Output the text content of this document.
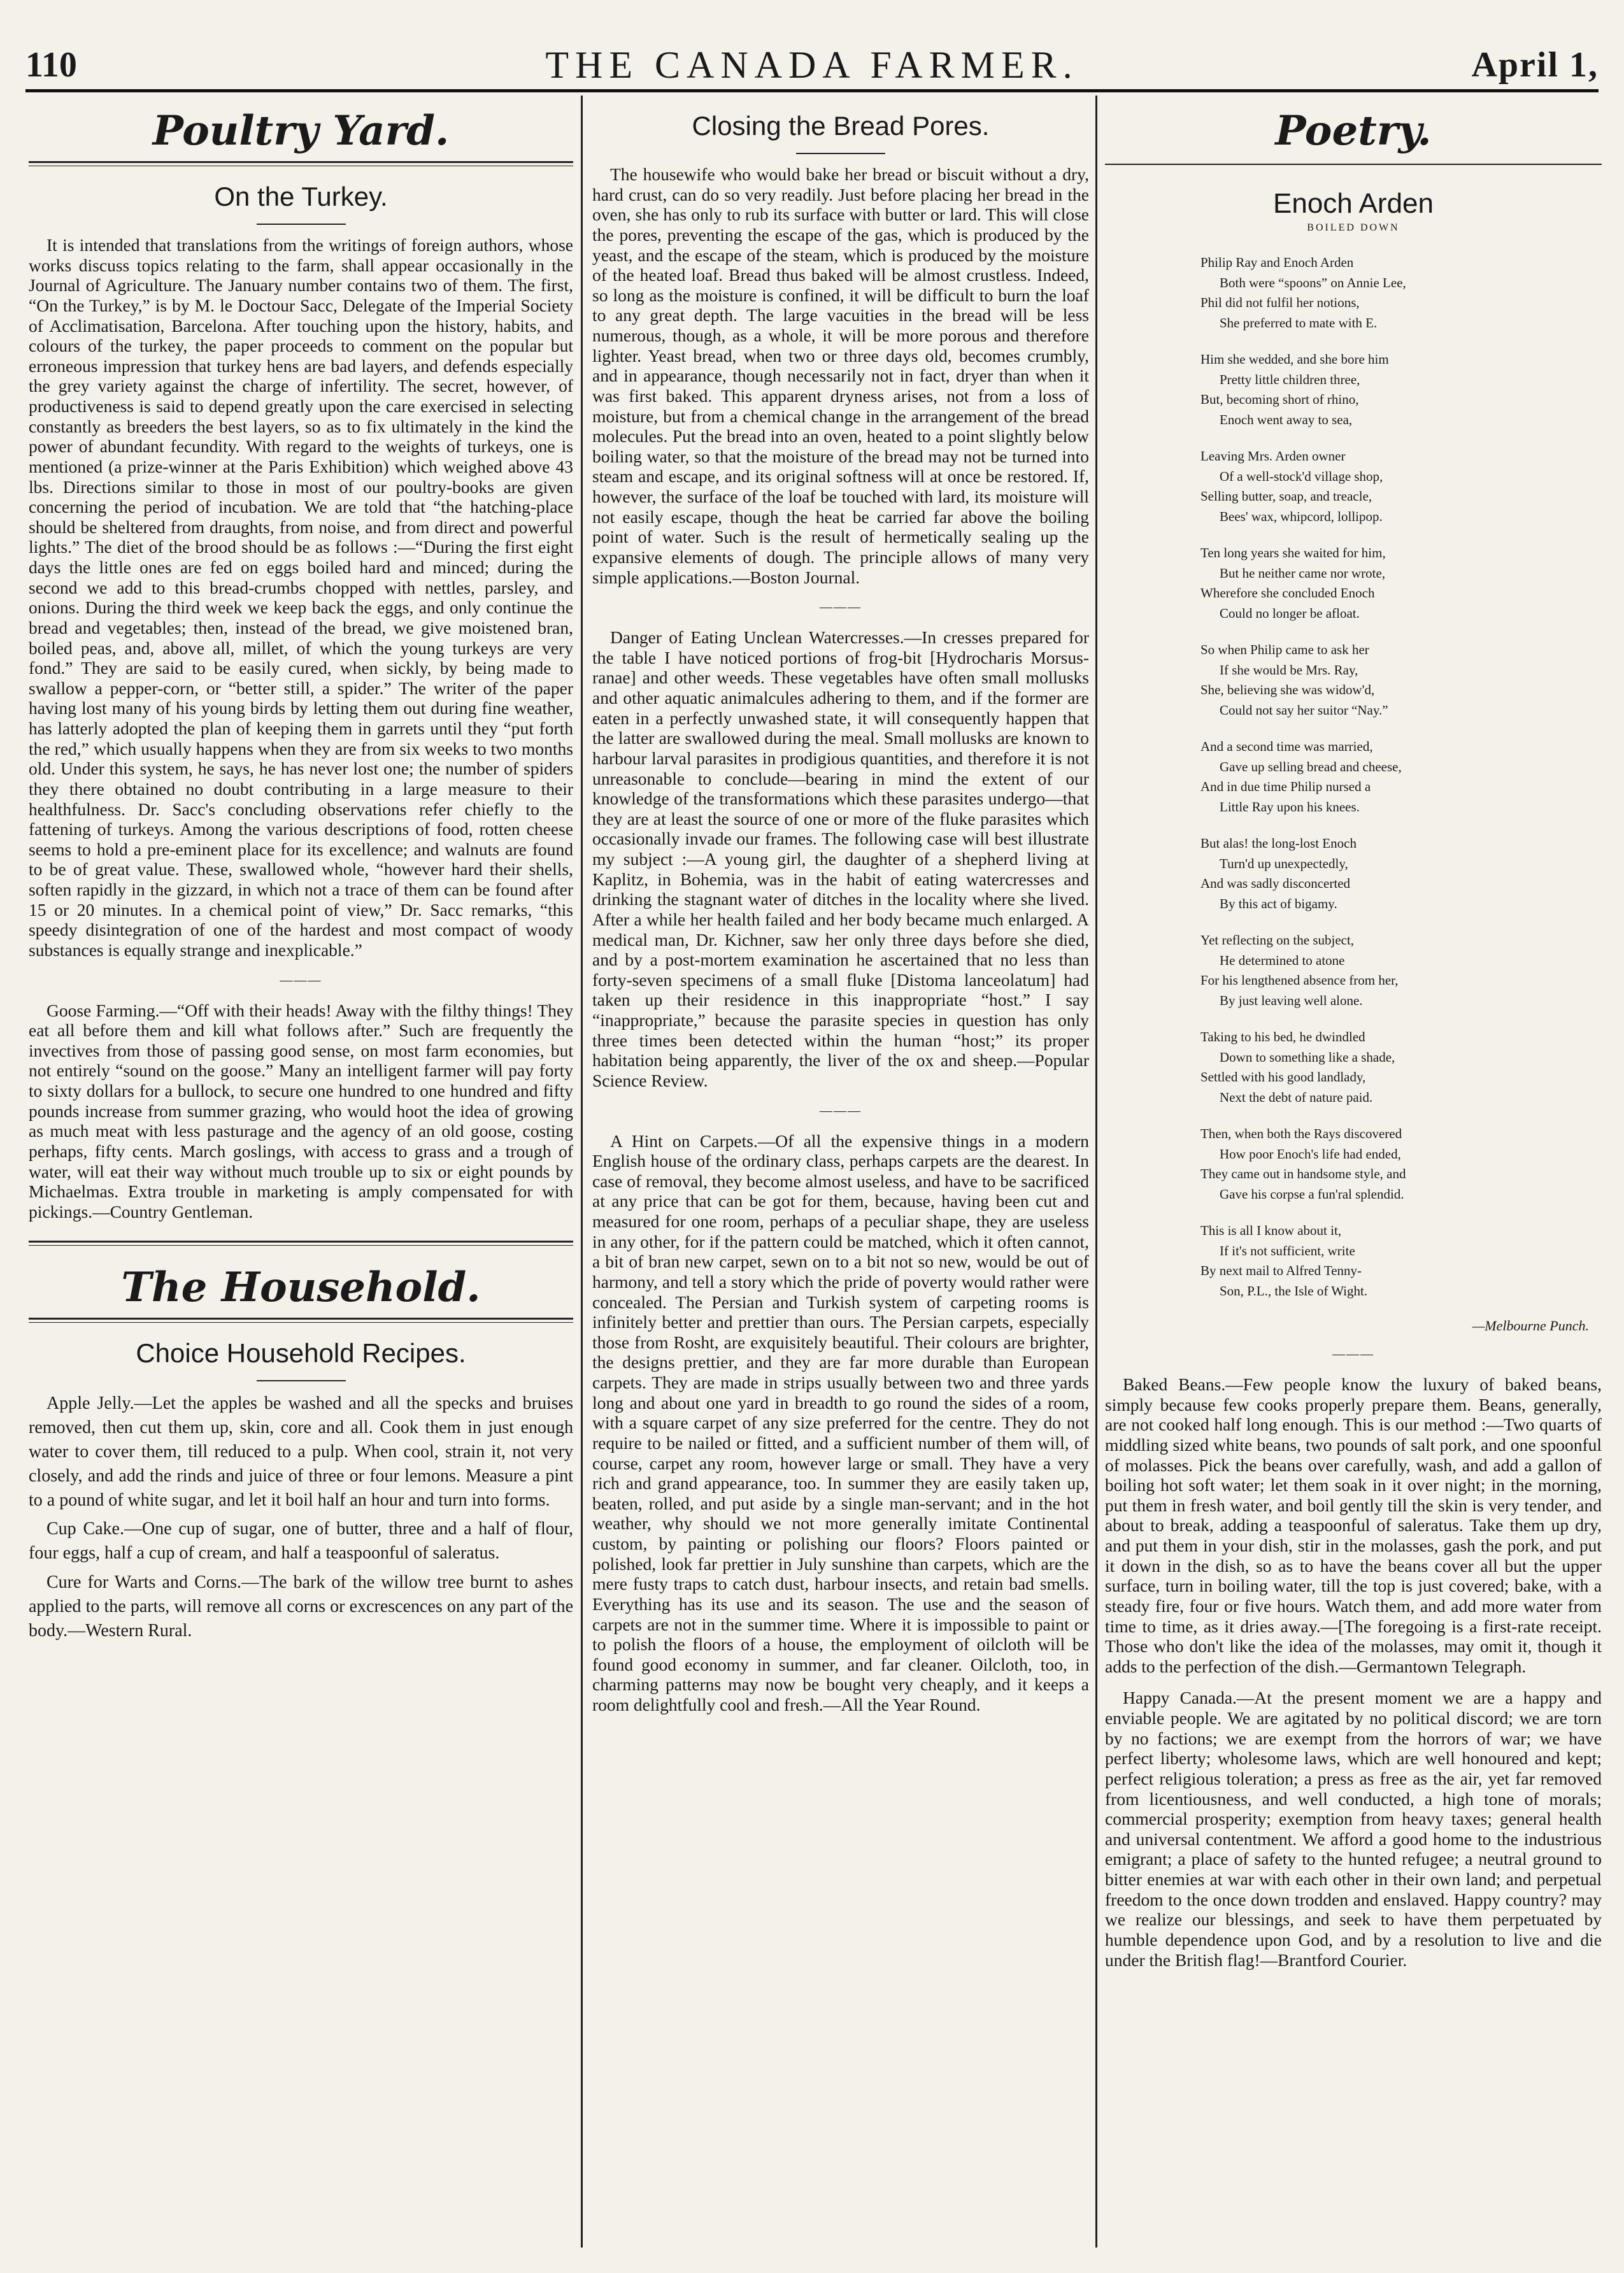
110	THE CANADA FARMER.	April 1,
Poultry Yard.
On the Turkey.

It is intended that translations from the writings of foreign authors, whose works discuss topics relating to the farm, shall appear occasionally in the Journal of Agriculture. The January number contains two of them. The first, “On the Turkey,” is by M. le Doctour Sacc, Delegate of the Imperial Society of Acclimatisation, Barcelona. After touching upon the history, habits, and colours of the turkey, the paper proceeds to comment on the popular but erroneous impression that turkey hens are bad layers, and defends especially the grey variety against the charge of infertility. The secret, however, of productiveness is said to depend greatly upon the care exercised in selecting constantly as breeders the best layers, so as to fix ultimately in the kind the power of abundant fecundity. With regard to the weights of turkeys, one is mentioned (a prize-winner at the Paris Exhibition) which weighed above 43 lbs. Directions similar to those in most of our poultry-books are given concerning the period of incubation. We are told that “the hatching-place should be sheltered from draughts, from noise, and from direct and powerful lights.” The diet of the brood should be as follows :—“During the first eight days the little ones are fed on eggs boiled hard and minced; during the second we add to this bread-crumbs chopped with nettles, parsley, and onions. During the third week we keep back the eggs, and only continue the bread and vegetables; then, instead of the bread, we give moistened bran, boiled peas, and, above all, millet, of which the young turkeys are very fond.” They are said to be easily cured, when sickly, by being made to swallow a pepper-corn, or “better still, a spider.” The writer of the paper having lost many of his young birds by letting them out during fine weather, has latterly adopted the plan of keeping them in garrets until they “put forth the red,” which usually happens when they are from six weeks to two months old. Under this system, he says, he has never lost one; the number of spiders they there obtained no doubt contributing in a large measure to their healthfulness. Dr. Sacc's concluding observations refer chiefly to the fattening of turkeys. Among the various descriptions of food, rotten cheese seems to hold a pre-eminent place for its excellence; and walnuts are found to be of great value. These, swallowed whole, “however hard their shells, soften rapidly in the gizzard, in which not a trace of them can be found after 15 or 20 minutes. In a chemical point of view,” Dr. Sacc remarks, “this speedy disintegration of one of the hardest and most compact of woody substances is equally strange and inexplicable.”

———

Goose Farming.—“Off with their heads! Away with the filthy things! They eat all before them and kill what follows after.” Such are frequently the invectives from those of passing good sense, on most farm economies, but not entirely “sound on the goose.” Many an intelligent farmer will pay forty to sixty dollars for a bullock, to secure one hundred to one hundred and fifty pounds increase from summer grazing, who would hoot the idea of growing as much meat with less pasturage and the agency of an old goose, costing perhaps, fifty cents. March goslings, with access to grass and a trough of water, will eat their way without much trouble up to six or eight pounds by Michaelmas. Extra trouble in marketing is amply compensated for with pickings.—Country Gentleman.

The Household.
Choice Household Recipes.

Apple Jelly.—Let the apples be washed and all the specks and bruises removed, then cut them up, skin, core and all. Cook them in just enough water to cover them, till reduced to a pulp. When cool, strain it, not very closely, and add the rinds and juice of three or four lemons. Measure a pint to a pound of white sugar, and let it boil half an hour and turn into forms.

Cup Cake.—One cup of sugar, one of butter, three and a half of flour, four eggs, half a cup of cream, and half a teaspoonful of saleratus.

Cure for Warts and Corns.—The bark of the willow tree burnt to ashes applied to the parts, will remove all corns or excrescences on any part of the body.—Western Rural.

Closing the Bread Pores.

The housewife who would bake her bread or biscuit without a dry, hard crust, can do so very readily. Just before placing her bread in the oven, she has only to rub its surface with butter or lard. This will close the pores, preventing the escape of the gas, which is produced by the yeast, and the escape of the steam, which is produced by the moisture of the heated loaf. Bread thus baked will be almost crustless. Indeed, so long as the moisture is confined, it will be difficult to burn the loaf to any great depth. The large vacuities in the bread will be less numerous, though, as a whole, it will be more porous and therefore lighter. Yeast bread, when two or three days old, becomes crumbly, and in appearance, though necessarily not in fact, dryer than when it was first baked. This apparent dryness arises, not from a loss of moisture, but from a chemical change in the arrangement of the bread molecules. Put the bread into an oven, heated to a point slightly below boiling water, so that the moisture of the bread may not be turned into steam and escape, and its original softness will at once be restored. If, however, the surface of the loaf be touched with lard, its moisture will not easily escape, though the heat be carried far above the boiling point of water. Such is the result of hermetically sealing up the expansive elements of dough. The principle allows of many very simple applications.—Boston Journal.

———

Danger of Eating Unclean Watercresses.—In cresses prepared for the table I have noticed portions of frog-bit [Hydrocharis Morsus-ranae] and other weeds. These vegetables have often small mollusks and other aquatic animalcules adhering to them, and if the former are eaten in a perfectly unwashed state, it will consequently happen that the latter are swallowed during the meal. Small mollusks are known to harbour larval parasites in prodigious quantities, and therefore it is not unreasonable to conclude—bearing in mind the extent of our knowledge of the transformations which these parasites undergo—that they are at least the source of one or more of the fluke parasites which occasionally invade our frames. The following case will best illustrate my subject :—A young girl, the daughter of a shepherd living at Kaplitz, in Bohemia, was in the habit of eating watercresses and drinking the stagnant water of ditches in the locality where she lived. After a while her health failed and her body became much enlarged. A medical man, Dr. Kichner, saw her only three days before she died, and by a post-mortem examination he ascertained that no less than forty-seven specimens of a small fluke [Distoma lanceolatum] had taken up their residence in this inappropriate “host.” I say “inappropriate,” because the parasite species in question has only three times been detected within the human “host;” its proper habitation being apparently, the liver of the ox and sheep.—Popular Science Review.

———

A Hint on Carpets.—Of all the expensive things in a modern English house of the ordinary class, perhaps carpets are the dearest. In case of removal, they become almost useless, and have to be sacrificed at any price that can be got for them, because, having been cut and measured for one room, perhaps of a peculiar shape, they are useless in any other, for if the pattern could be matched, which it often cannot, a bit of bran new carpet, sewn on to a bit not so new, would be out of harmony, and tell a story which the pride of poverty would rather were concealed. The Persian and Turkish system of carpeting rooms is infinitely better and prettier than ours. The Persian carpets, especially those from Rosht, are exquisitely beautiful. Their colours are brighter, the designs prettier, and they are far more durable than European carpets. They are made in strips usually between two and three yards long and about one yard in breadth to go round the sides of a room, with a square carpet of any size preferred for the centre. They do not require to be nailed or fitted, and a sufficient number of them will, of course, carpet any room, however large or small. They have a very rich and grand appearance, too. In summer they are easily taken up, beaten, rolled, and put aside by a single man-servant; and in the hot weather, why should we not more generally imitate Continental custom, by painting or polishing our floors? Floors painted or polished, look far prettier in July sunshine than carpets, which are the mere fusty traps to catch dust, harbour insects, and retain bad smells. Everything has its use and its season. The use and the season of carpets are not in the summer time. Where it is impossible to paint or to polish the floors of a house, the employment of oilcloth will be found good economy in summer, and far cleaner. Oilcloth, too, in charming patterns may now be bought very cheaply, and it keeps a room delightfully cool and fresh.—All the Year Round.

Poetry.
Enoch Arden
BOILED DOWN
Philip Ray and Enoch Arden
Both were “spoons” on Annie Lee,
Phil did not fulfil her notions,
She preferred to mate with E.
Him she wedded, and she bore him
Pretty little children three,
But, becoming short of rhino,
Enoch went away to sea,
Leaving Mrs. Arden owner
Of a well-stock'd village shop,
Selling butter, soap, and treacle,
Bees' wax, whipcord, lollipop.
Ten long years she waited for him,
But he neither came nor wrote,
Wherefore she concluded Enoch
Could no longer be afloat.
So when Philip came to ask her
If she would be Mrs. Ray,
She, believing she was widow'd,
Could not say her suitor “Nay.”
And a second time was married,
Gave up selling bread and cheese,
And in due time Philip nursed a
Little Ray upon his knees.
But alas! the long-lost Enoch
Turn'd up unexpectedly,
And was sadly disconcerted
By this act of bigamy.
Yet reflecting on the subject,
He determined to atone
For his lengthened absence from her,
By just leaving well alone.
Taking to his bed, he dwindled
Down to something like a shade,
Settled with his good landlady,
Next the debt of nature paid.
Then, when both the Rays discovered
How poor Enoch's life had ended,
They came out in handsome style, and
Gave his corpse a fun'ral splendid.
This is all I know about it,
If it's not sufficient, write
By next mail to Alfred Tenny-
Son, P.L., the Isle of Wight.
—Melbourne Punch.
———

Baked Beans.—Few people know the luxury of baked beans, simply because few cooks properly prepare them. Beans, generally, are not cooked half long enough. This is our method :—Two quarts of middling sized white beans, two pounds of salt pork, and one spoonful of molasses. Pick the beans over carefully, wash, and add a gallon of boiling hot soft water; let them soak in it over night; in the morning, put them in fresh water, and boil gently till the skin is very tender, and about to break, adding a teaspoonful of saleratus. Take them up dry, and put them in your dish, stir in the molasses, gash the pork, and put it down in the dish, so as to have the beans cover all but the upper surface, turn in boiling water, till the top is just covered; bake, with a steady fire, four or five hours. Watch them, and add more water from time to time, as it dries away.—[The foregoing is a first-rate receipt. Those who don't like the idea of the molasses, may omit it, though it adds to the perfection of the dish.—Germantown Telegraph.

Happy Canada.—At the present moment we are a happy and enviable people. We are agitated by no political discord; we are torn by no factions; we are exempt from the horrors of war; we have perfect liberty; wholesome laws, which are well honoured and kept; perfect religious toleration; a press as free as the air, yet far removed from licentiousness, and well conducted, a high tone of morals; commercial prosperity; exemption from heavy taxes; general health and universal contentment. We afford a good home to the industrious emigrant; a place of safety to the hunted refugee; a neutral ground to bitter enemies at war with each other in their own land; and perpetual freedom to the once down trodden and enslaved. Happy country? may we realize our blessings, and seek to have them perpetuated by humble dependence upon God, and by a resolution to live and die under the British flag!—Brantford Courier.
